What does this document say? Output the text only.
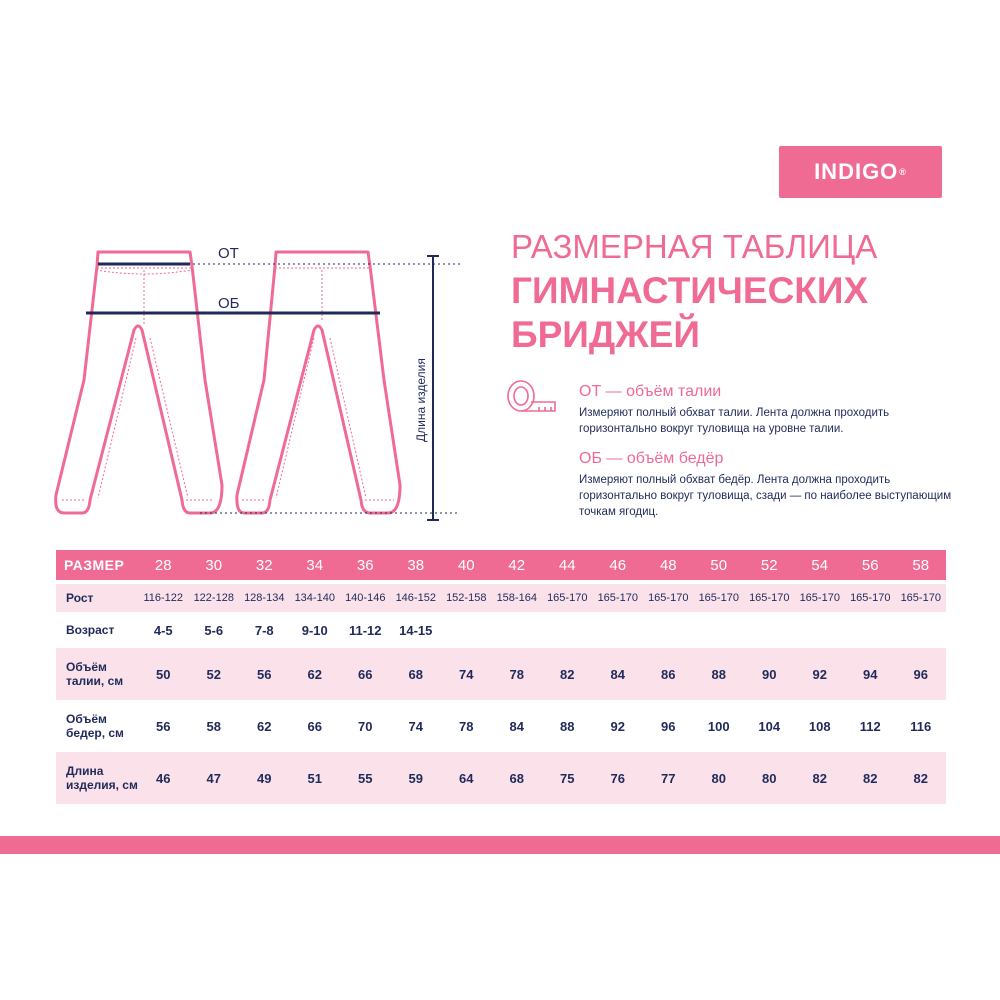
INDIGO ®
РАЗМЕРНАЯ ТАБЛИЦА
ГИМНАСТИЧЕСКИХ
БРИДЖЕЙ
ОТ
ОБ
Длина изделия	ОТ — объём талии

Измеряют полный обхват талии. Лента должна проходить горизонтально вокруг туловища на уровне талии.

ОБ — объём бедёр

Измеряют полный обхват бедёр. Лента должна проходить горизонтально вокруг туловища, сзади — по наиболее выступающим точкам ягодиц.

РАЗМЕР	28	30	32	34	36	38	40	42	44	46	48	50	52	54	56	58

Рост	116-122	122-128	128-134	134-140	140-146	146-152	152-158	158-164	165-170	165-170	165-170	165-170	165-170	165-170	165-170	165-170
Возраст	4-5	5-6	7-8	9-10	11-12	14-15										
Объём талии, см	50	52	56	62	66	68	74	78	82	84	86	88	90	92	94	96
Объём бедер, см	56	58	62	66	70	74	78	84	88	92	96	100	104	108	112	116
Длина изделия, см	46	47	49	51	55	59	64	68	75	76	77	80	80	82	82	82
